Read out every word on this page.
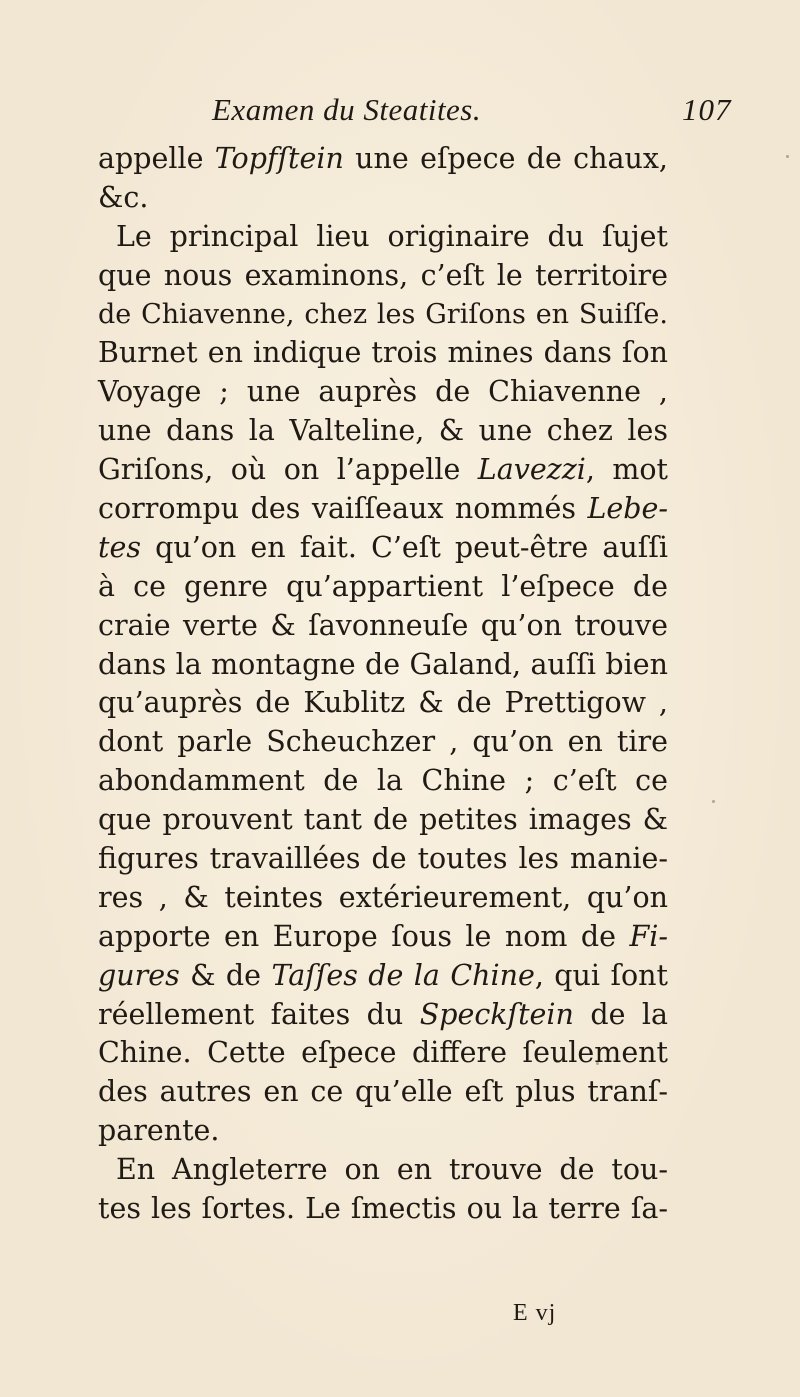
Examen du Steatites.	107
appelle Topfſtein une eſpece de chaux,
&c.
Le principal lieu originaire du ſujet
que nous examinons, c’eſt le territoire
de Chiavenne, chez les Griſons en Suiſſe.
Burnet en indique trois mines dans ſon
Voyage ; une auprès de Chiavenne ,
une dans la Valteline, & une chez les
Griſons, où on l’appelle Lavezzi, mot
corrompu des vaiſſeaux nommés Lebe-
tes qu’on en fait. C’eſt peut-être auſſi
à ce genre qu’appartient l’eſpece de
craie verte & ſavonneuſe qu’on trouve
dans la montagne de Galand, auſſi bien
qu’auprès de Kublitz & de Prettigow ,
dont parle Scheuchzer , qu’on en tire
abondamment de la Chine ; c’eſt ce
que prouvent tant de petites images &
figures travaillées de toutes les manie-
res , & teintes extérieurement, qu’on
apporte en Europe ſous le nom de Fi-
gures & de Taſſes de la Chine, qui ſont
réellement faites du Speckſtein de la
Chine. Cette eſpece differe ſeulement
des autres en ce qu’elle eſt plus tranſ-
parente.
En Angleterre on en trouve de tou-
tes les ſortes. Le ſmectis ou la terre ſa-
E vj
